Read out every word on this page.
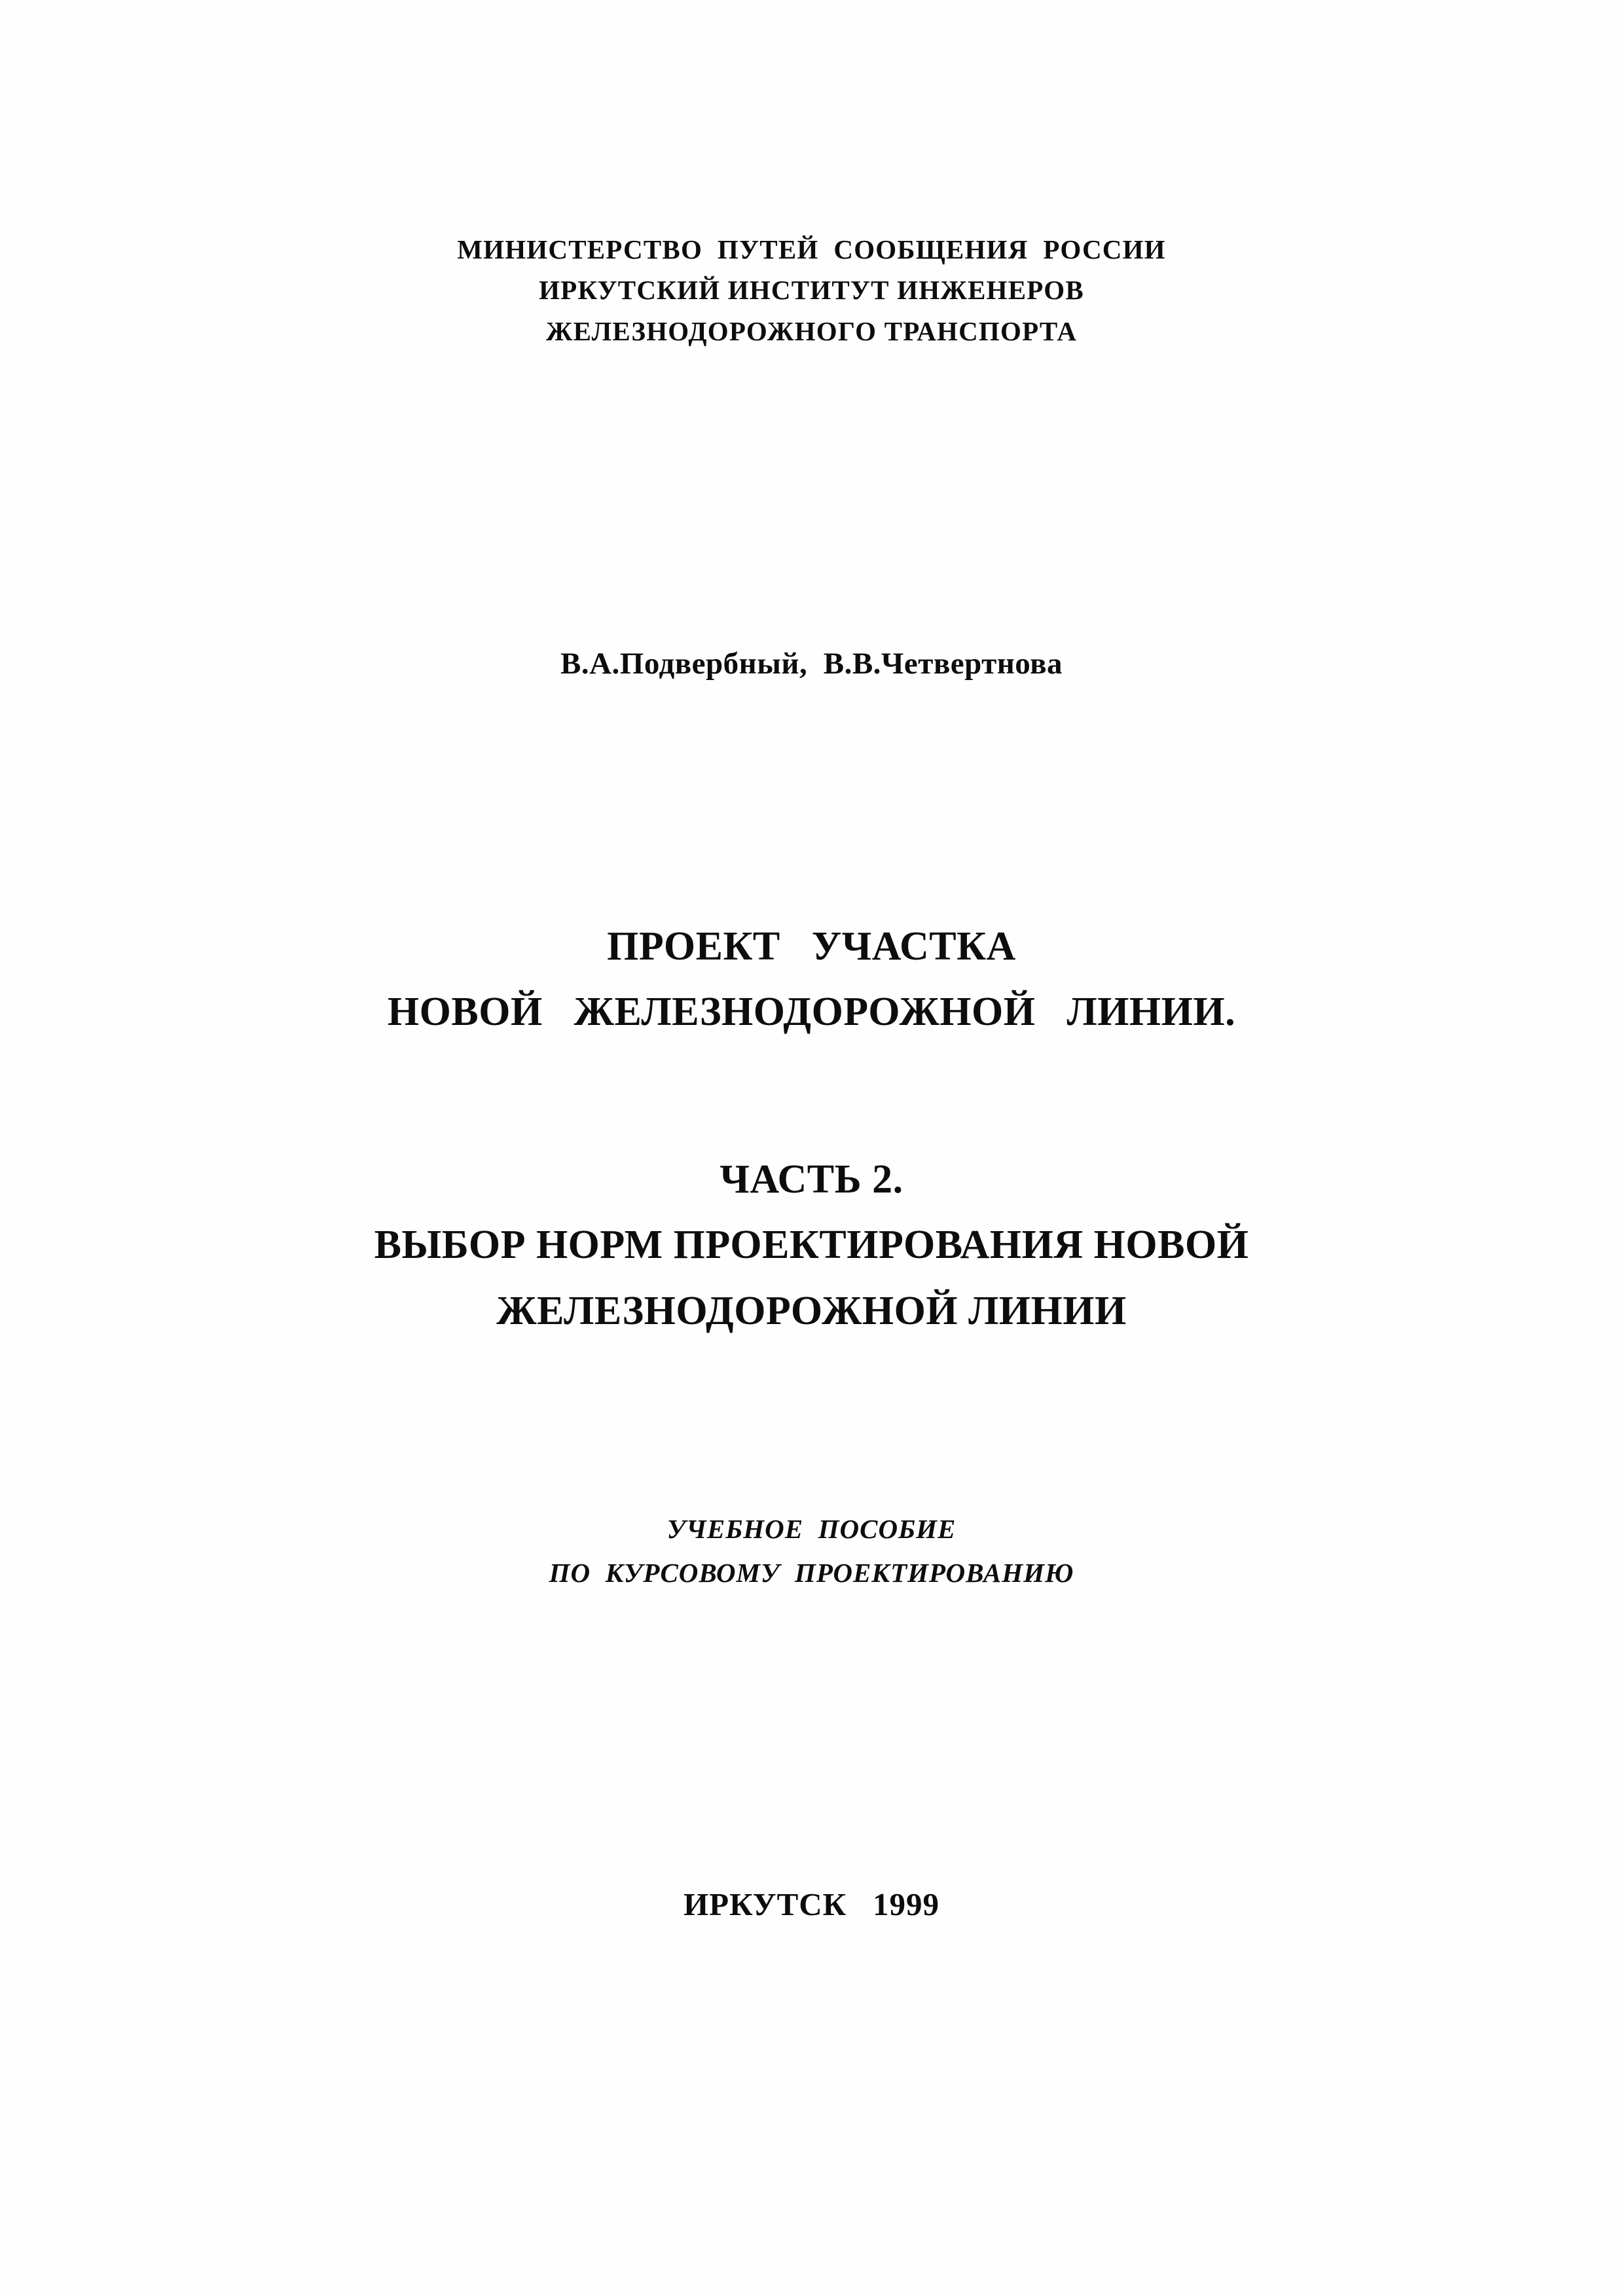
МИНИСТЕРСТВО  ПУТЕЙ  СООБЩЕНИЯ  РОССИИ
ИРКУТСКИЙ ИНСТИТУТ ИНЖЕНЕРОВ
ЖЕЛЕЗНОДОРОЖНОГО ТРАНСПОРТА
В.А.Подвербный,  В.В.Четвертнова
ПРОЕКТ   УЧАСТКА
НОВОЙ   ЖЕЛЕЗНОДОРОЖНОЙ   ЛИНИИ.
ЧАСТЬ 2.
ВЫБОР НОРМ ПРОЕКТИРОВАНИЯ НОВОЙ
ЖЕЛЕЗНОДОРОЖНОЙ ЛИНИИ
УЧЕБНОЕ  ПОСОБИЕ
ПО  КУРСОВОМУ  ПРОЕКТИРОВАНИЮ
ИРКУТСК   1999
